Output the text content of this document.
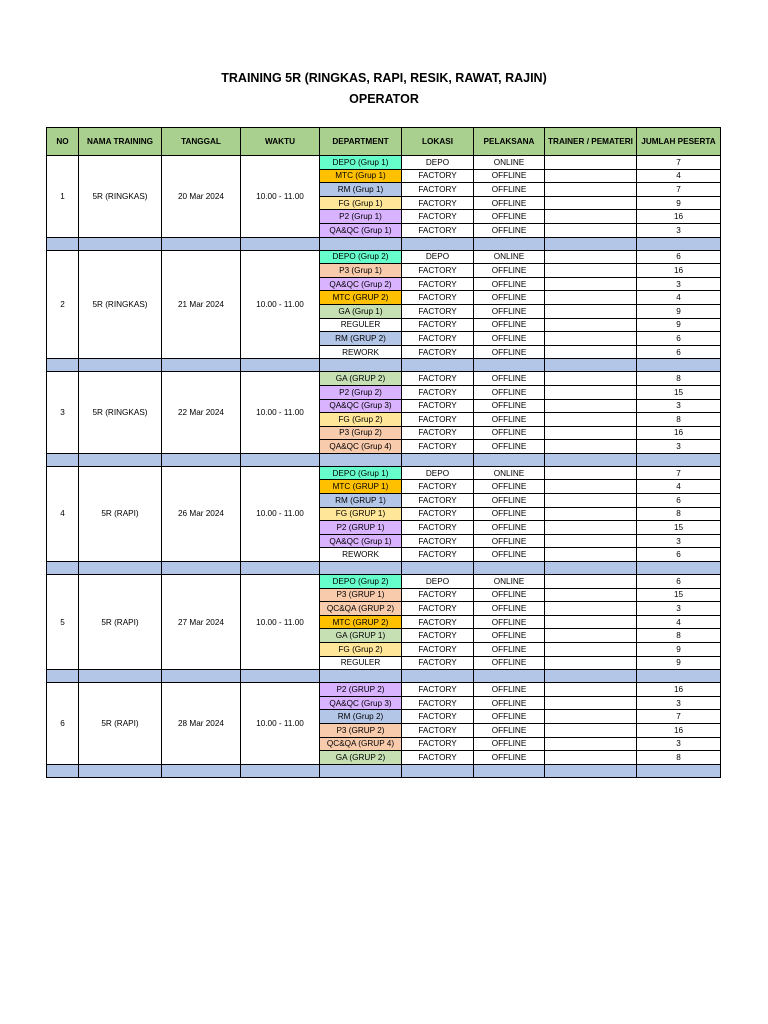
TRAINING 5R (RINGKAS, RAPI, RESIK, RAWAT, RAJIN)
OPERATOR
NO	NAMA TRAINING	TANGGAL	WAKTU	DEPARTMENT	LOKASI	PELAKSANA	TRAINER / PEMATERI	JUMLAH PESERTA
1	5R (RINGKAS)	20 Mar 2024	10.00 - 11.00	DEPO (Grup 1)	DEPO	ONLINE		7
				MTC (Grup 1)	FACTORY	OFFLINE		4
				RM (Grup 1)	FACTORY	OFFLINE		7
				FG (Grup 1)	FACTORY	OFFLINE		9
				P2 (Grup 1)	FACTORY	OFFLINE		16
				QA&QC (Grup 1)	FACTORY	OFFLINE		3

2	5R (RINGKAS)	21 Mar 2024	10.00 - 11.00	DEPO (Grup 2)	DEPO	ONLINE		6
				P3 (Grup 1)	FACTORY	OFFLINE		16
				QA&QC (Grup 2)	FACTORY	OFFLINE		3
				MTC (GRUP 2)	FACTORY	OFFLINE		4
				GA (Grup 1)	FACTORY	OFFLINE		9
				REGULER	FACTORY	OFFLINE		9
				RM (GRUP 2)	FACTORY	OFFLINE		6
				REWORK	FACTORY	OFFLINE		6

3	5R (RINGKAS)	22 Mar 2024	10.00 - 11.00	GA (GRUP 2)	FACTORY	OFFLINE		8
				P2 (Grup 2)	FACTORY	OFFLINE		15
				QA&QC (Grup 3)	FACTORY	OFFLINE		3
				FG (Grup 2)	FACTORY	OFFLINE		8
				P3 (Grup 2)	FACTORY	OFFLINE		16
				QA&QC (Grup 4)	FACTORY	OFFLINE		3

4	5R (RAPI)	26 Mar 2024	10.00 - 11.00	DEPO (Grup 1)	DEPO	ONLINE		7
				MTC (GRUP 1)	FACTORY	OFFLINE		4
				RM (GRUP 1)	FACTORY	OFFLINE		6
				FG (GRUP 1)	FACTORY	OFFLINE		8
				P2 (GRUP 1)	FACTORY	OFFLINE		15
				QA&QC (Grup 1)	FACTORY	OFFLINE		3
				REWORK	FACTORY	OFFLINE		6

5	5R (RAPI)	27 Mar 2024	10.00 - 11.00	DEPO (Grup 2)	DEPO	ONLINE		6
				P3 (GRUP 1)	FACTORY	OFFLINE		15
				QC&QA (GRUP 2)	FACTORY	OFFLINE		3
				MTC (GRUP 2)	FACTORY	OFFLINE		4
				GA (GRUP 1)	FACTORY	OFFLINE		8
				FG (Grup 2)	FACTORY	OFFLINE		9
				REGULER	FACTORY	OFFLINE		9

6	5R (RAPI)	28 Mar 2024	10.00 - 11.00	P2 (GRUP 2)	FACTORY	OFFLINE		16
				QA&QC (Grup 3)	FACTORY	OFFLINE		3
				RM (Grup 2)	FACTORY	OFFLINE		7
				P3 (GRUP 2)	FACTORY	OFFLINE		16
				QC&QA (GRUP 4)	FACTORY	OFFLINE		3
				GA (GRUP 2)	FACTORY	OFFLINE		8
